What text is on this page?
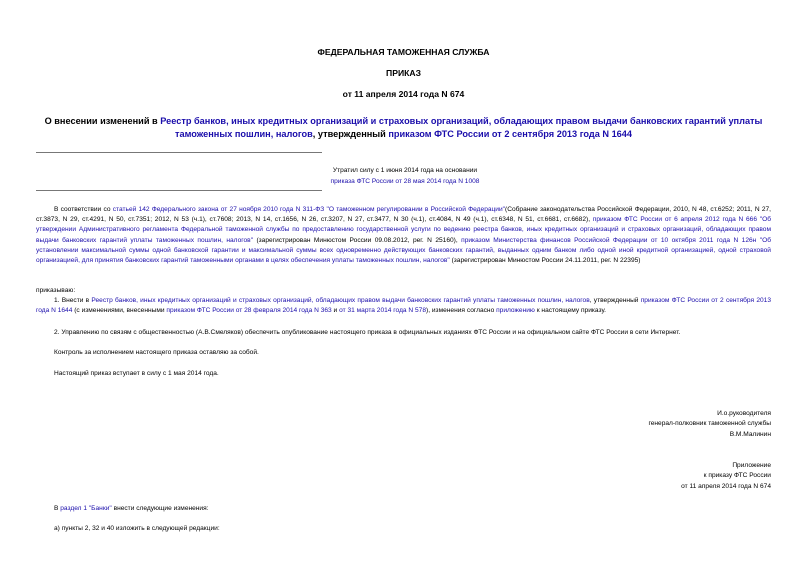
ФЕДЕРАЛЬНАЯ ТАМОЖЕННАЯ СЛУЖБА
ПРИКАЗ
от 11 апреля 2014 года N 674
О внесении изменений в Реестр банков, иных кредитных организаций и страховых организаций, обладающих правом выдачи банковских гарантий уплаты таможенных пошлин, налогов, утвержденный приказом ФТС России от 2 сентября 2013 года N 1644
Утратил силу с 1 июня 2014 года на основании
приказа ФТС России от 28 мая 2014 года N 1008
В соответствии со статьей 142 Федерального закона от 27 ноября 2010 года N 311-ФЗ "О таможенном регулировании в Российской Федерации"(Собрание законодательства Российской Федерации, 2010, N 48, ст.6252; 2011, N 27, ст.3873, N 29, ст.4291, N 50, ст.7351; 2012, N 53 (ч.1), ст.7608; 2013, N 14, ст.1656, N 26, ст.3207, N 27, ст.3477, N 30 (ч.1), ст.4084, N 49 (ч.1), ст.6348, N 51, ст.6681, ст.6682), приказом ФТС России от 6 апреля 2012 года N 666 "Об утверждении Административного регламента Федеральной таможенной службы по предоставлению государственной услуги по ведению реестра банков, иных кредитных организаций и страховых организаций, обладающих правом выдачи банковских гарантий уплаты таможенных пошлин, налогов" (зарегистрирован Минюстом России 09.08.2012, рег. N 25160), приказом Министерства финансов Российской Федерации от 10 октября 2011 года N 126н "Об установлении максимальной суммы одной банковской гарантии и максимальной суммы всех одновременно действующих банковских гарантий, выданных одним банком либо одной иной кредитной организацией, одной страховой организацией, для принятия банковских гарантий таможенными органами в целях обеспечения уплаты таможенных пошлин, налогов" (зарегистрирован Минюстом России 24.11.2011, рег. N 22395)
приказываю:
1. Внести в Реестр банков, иных кредитных организаций и страховых организаций, обладающих правом выдачи банковских гарантий уплаты таможенных пошлин, налогов, утвержденный приказом ФТС России от 2 сентября 2013 года N 1644 (с изменениями, внесенными приказом ФТС России от 28 февраля 2014 года N 363 и от 31 марта 2014 года N 578), изменения согласно приложению к настоящему приказу.
2. Управлению по связям с общественностью (А.В.Смеляков) обеспечить опубликование настоящего приказа в официальных изданиях ФТС России и на официальном сайте ФТС России в сети Интернет.
Контроль за исполнением настоящего приказа оставляю за собой.
Настоящий приказ вступает в силу с 1 мая 2014 года.
И.о.руководителя
генерал-полковник таможенной службы
В.М.Малинин
Приложение
к приказу ФТС России
от 11 апреля 2014 года N 674
В раздел 1 "Банки" внести следующие изменения:
а) пункты 2, 32 и 40 изложить в следующей редакции:
